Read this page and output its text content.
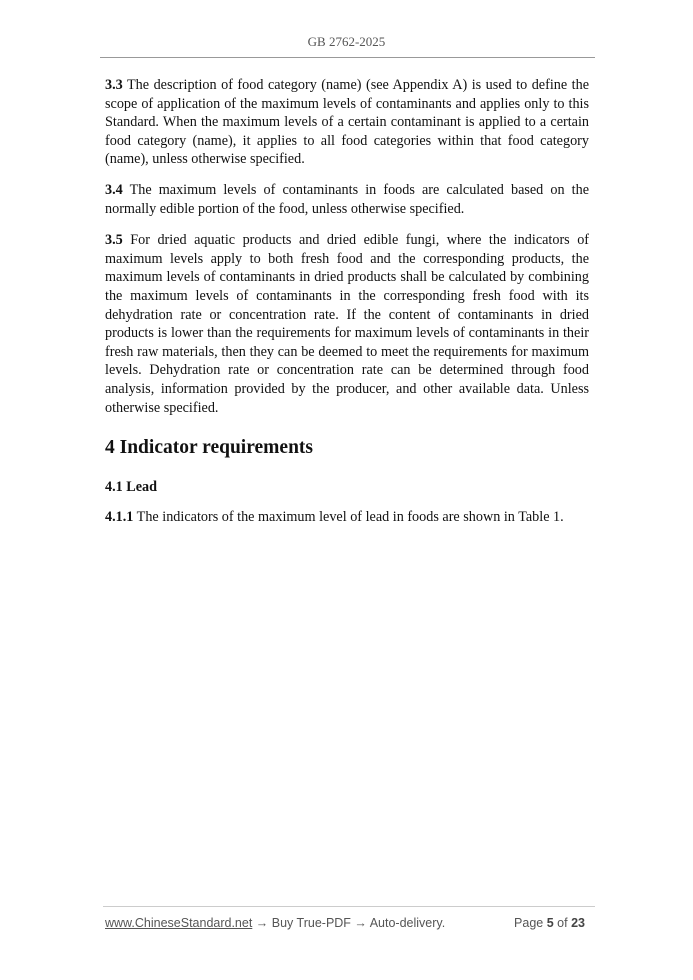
GB 2762-2025

3.3 The description of food category (name) (see Appendix A) is used to define the scope of application of the maximum levels of contaminants and applies only to this Standard. When the maximum levels of a certain contaminant is applied to a certain food category (name), it applies to all food categories within that food category (name), unless otherwise specified.

3.4 The maximum levels of contaminants in foods are calculated based on the normally edible portion of the food, unless otherwise specified.

3.5 For dried aquatic products and dried edible fungi, where the indicators of maximum levels apply to both fresh food and the corresponding products, the maximum levels of contaminants in dried products shall be calculated by combining the maximum levels of contaminants in the corresponding fresh food with its dehydration rate or concentration rate. If the content of contaminants in dried products is lower than the requirements for maximum levels of contaminants in their fresh raw materials, then they can be deemed to meet the requirements for maximum levels. Dehydration rate or concentration rate can be determined through food analysis, information provided by the producer, and other available data. Unless otherwise specified.

4 Indicator requirements
4.1 Lead

4.1.1 The indicators of the maximum level of lead in foods are shown in Table 1.

www.ChineseStandard.net → Buy True-PDF → Auto-delivery.	Page 5 of 23
